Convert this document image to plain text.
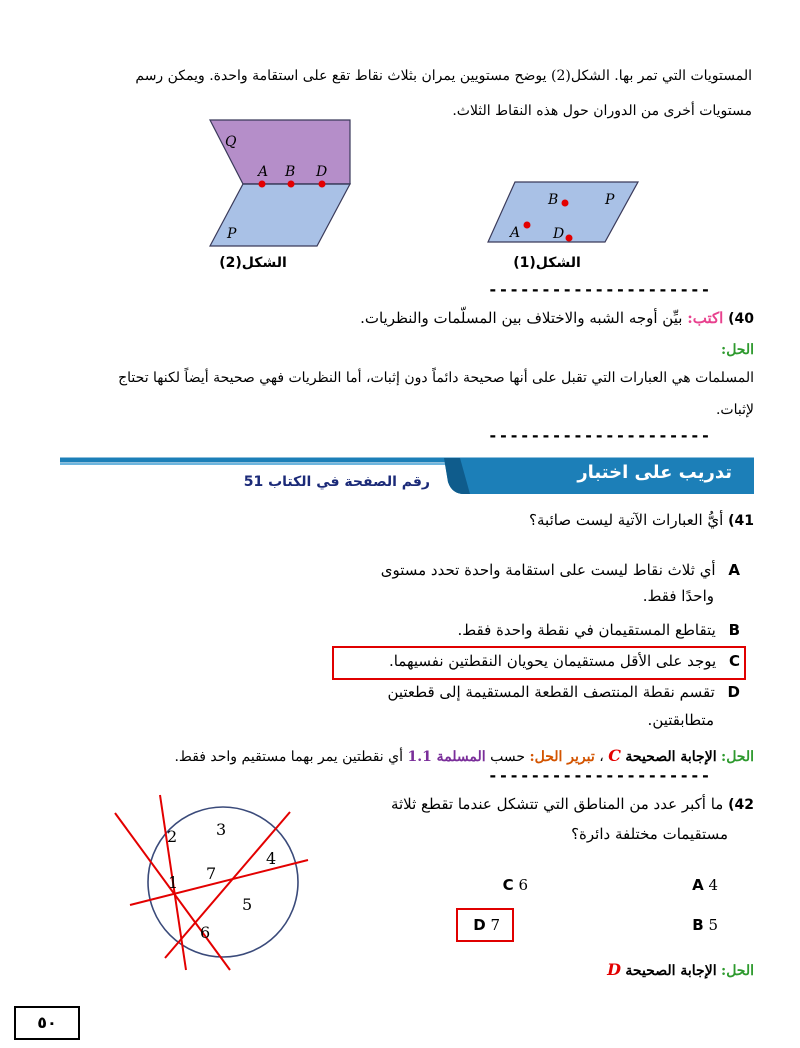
المستويات التي تمر بها. الشكل(2) يوضح مستويين يمران بثلاث نقاط تقع على استقامة واحدة. ويمكن رسم
مستويات أخرى من الدوران حول هذه النقاط الثلاث.
Q
P
A B D
الشكل(2)
B
A D
P
الشكل(1)
---------------------
40) اكتب: بيِّن أوجه الشبه والاختلاف بين المسلّمات والنظريات.
الحل:
المسلمات هي العبارات التي تقبل على أنها صحيحة دائماً دون إثبات، أما النظريات فهي صحيحة أيضاً لكنها تحتاج
لإثبات.
---------------------
تدريب على اختبار
رقم الصفحة في الكتاب 51
41) أيُّ العبارات الآتية ليست صائبة؟
A أي ثلاث نقاط ليست على استقامة واحدة تحدد مستوى
واحدًا فقط.
B يتقاطع المستقيمان في نقطة واحدة فقط.
C يوجد على الأقل مستقيمان يحويان النقطتين نفسيهما.
D تقسم نقطة المنتصف القطعة المستقيمة إلى قطعتين
متطابقتين.
الحل: الإجابة الصحيحة C ، تبرير الحل: حسب المسلمة 1.1 أي نقطتين يمر بهما مستقيم واحد فقط.
---------------------
42) ما أكبر عدد من المناطق التي تتشكل عندما تقطع ثلاثة
مستقيمات مختلفة دائرة؟
A 4
C 6
B 5
D 7
الحل: الإجابة الصحيحة D
1
2 3
4
5
6
7
٥٠
